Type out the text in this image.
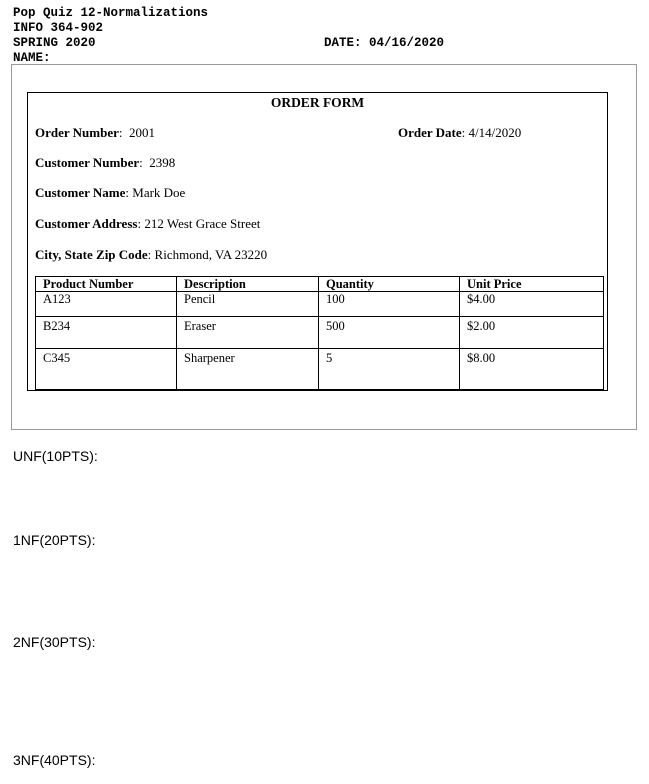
Pop Quiz 12-Normalizations
INFO 364-902
SPRING 2020	DATE: 04/16/2020
NAME:
ORDER FORM
Order Number:  2001	Order Date: 4/14/2020
Customer Number:  2398
Customer Name: Mark Doe
Customer Address: 212 West Grace Street
City, State Zip Code: Richmond, VA 23220
Product Number	Description	Quantity	Unit Price
A123	Pencil	100	$4.00
B234	Eraser	500	$2.00
C345	Sharpener	5	$8.00
UNF(10PTS):
1NF(20PTS):
2NF(30PTS):
3NF(40PTS):
